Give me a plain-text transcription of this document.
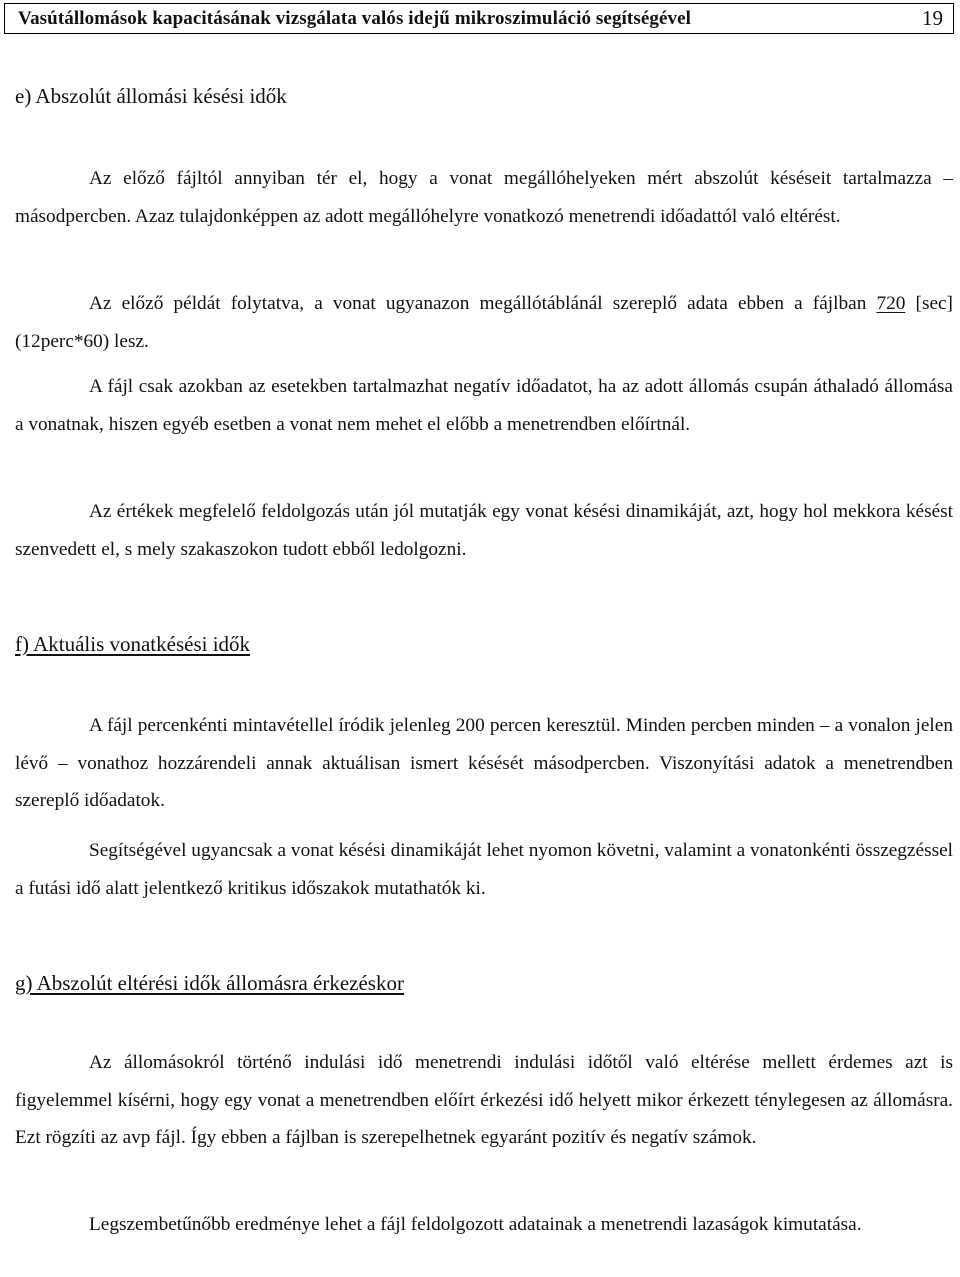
Vasútállomások kapacitásának vizsgálata valós idejű mikroszimuláció segítségével	19
e) Abszolút állomási késési idők

Az előző fájltól annyiban tér el, hogy a vonat megállóhelyeken mért abszolút késéseit tartalmazza – másodpercben. Azaz tulajdonképpen az adott megállóhelyre vonatkozó menetrendi időadattól való eltérést.

Az előző példát folytatva, a vonat ugyanazon megállótáblánál szereplő adata ebben a fájlban 720 [sec] (12perc*60) lesz.

A fájl csak azokban az esetekben tartalmazhat negatív időadatot, ha az adott állomás csupán áthaladó állomása a vonatnak, hiszen egyéb esetben a vonat nem mehet el előbb a menetrendben előírtnál.

Az értékek megfelelő feldolgozás után jól mutatják egy vonat késési dinamikáját, azt, hogy hol mekkora késést szenvedett el, s mely szakaszokon tudott ebből ledolgozni.

f) Aktuális vonatkésési idők

A fájl percenkénti mintavétellel íródik jelenleg 200 percen keresztül. Minden percben minden – a vonalon jelen lévő – vonathoz hozzárendeli annak aktuálisan ismert késését másodpercben. Viszonyítási adatok a menetrendben szereplő időadatok.

Segítségével ugyancsak a vonat késési dinamikáját lehet nyomon követni, valamint a vonatonkénti összegzéssel a futási idő alatt jelentkező kritikus időszakok mutathatók ki.

g) Abszolút eltérési idők állomásra érkezéskor

Az állomásokról történő indulási idő menetrendi indulási időtől való eltérése mellett érdemes azt is figyelemmel kísérni, hogy egy vonat a menetrendben előírt érkezési idő helyett mikor érkezett ténylegesen az állomásra. Ezt rögzíti az avp fájl. Így ebben a fájlban is szerepelhetnek egyaránt pozitív és negatív számok.

Legszembetűnőbb eredménye lehet a fájl feldolgozott adatainak a menetrendi lazaságok kimutatása.
